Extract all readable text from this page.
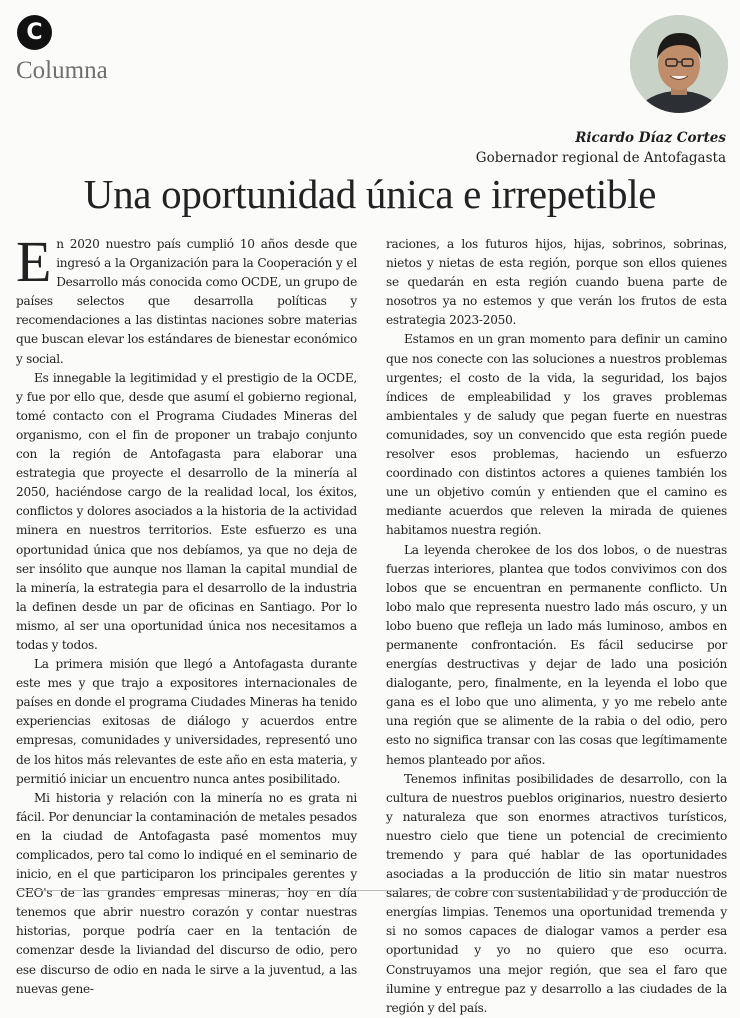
C
Columna
Ricardo Díaz Cortes
Gobernador regional de Antofagasta
Una oportunidad única e irrepetible

En 2020 nuestro país cumplió 10 años desde que ingresó a la Organización para la Cooperación y el Desarrollo más conocida como OCDE, un grupo de países selectos que desarrolla políticas y recomendaciones a las distintas naciones sobre materias que buscan elevar los estándares de bienestar económico y social.

Es innegable la legitimidad y el prestigio de la OCDE, y fue por ello que, desde que asumí el gobierno regional, tomé contacto con el Programa Ciudades Mineras del organismo, con el fin de proponer un trabajo conjunto con la región de Antofagasta para elaborar una estrategia que proyecte el desarrollo de la minería al 2050, haciéndose cargo de la realidad local, los éxitos, conflictos y dolores asociados a la historia de la actividad minera en nuestros territorios. Este esfuerzo es una oportunidad única que nos debíamos, ya que no deja de ser insólito que aunque nos llaman la capital mundial de la minería, la estrategia para el desarrollo de la industria la definen desde un par de oficinas en Santiago. Por lo mismo, al ser una oportunidad única nos necesitamos a todas y todos.

La primera misión que llegó a Antofagasta durante este mes y que trajo a expositores internacionales de países en donde el programa Ciudades Mineras ha tenido experiencias exitosas de diálogo y acuerdos entre empresas, comunidades y universidades, representó uno de los hitos más relevantes de este año en esta materia, y permitió iniciar un encuentro nunca antes posibilitado.

Mi historia y relación con la minería no es grata ni fácil. Por denunciar la contaminación de metales pesados en la ciudad de Antofagasta pasé momentos muy complicados, pero tal como lo indiqué en el seminario de inicio, en el que participaron los principales gerentes y CEO's de las grandes empresas mineras, hoy en día tenemos que abrir nuestro corazón y contar nuestras historias, porque podría caer en la tentación de comenzar desde la liviandad del discurso de odio, pero ese discurso de odio en nada le sirve a la juventud, a las nuevas gene-

raciones, a los futuros hijos, hijas, sobrinos, sobrinas, nietos y nietas de esta región, porque son ellos quienes se quedarán en esta región cuando buena parte de nosotros ya no estemos y que verán los frutos de esta estrategia 2023-2050.

Estamos en un gran momento para definir un camino que nos conecte con las soluciones a nuestros problemas urgentes; el costo de la vida, la seguridad, los bajos índices de empleabilidad y los graves problemas ambientales y de saludy que pegan fuerte en nuestras comunidades, soy un convencido que esta región puede resolver esos problemas, haciendo un esfuerzo coordinado con distintos actores a quienes también los une un objetivo común y entienden que el camino es mediante acuerdos que releven la mirada de quienes habitamos nuestra región.

La leyenda cherokee de los dos lobos, o de nuestras fuerzas interiores, plantea que todos convivimos con dos lobos que se encuentran en permanente conflicto. Un lobo malo que representa nuestro lado más oscuro, y un lobo bueno que refleja un lado más luminoso, ambos en permanente confrontación. Es fácil seducirse por energías destructivas y dejar de lado una posición dialogante, pero, finalmente, en la leyenda el lobo que gana es el lobo que uno alimenta, y yo me rebelo ante una región que se alimente de la rabia o del odio, pero esto no significa transar con las cosas que legítimamente hemos planteado por años.

Tenemos infinitas posibilidades de desarrollo, con la cultura de nuestros pueblos originarios, nuestro desierto y naturaleza que son enormes atractivos turísticos, nuestro cielo que tiene un potencial de crecimiento tremendo y para qué hablar de las oportunidades asociadas a la producción de litio sin matar nuestros salares, de cobre con sustentabilidad y de producción de energías limpias. Tenemos una oportunidad tremenda y si no somos capaces de dialogar vamos a perder esa oportunidad y yo no quiero que eso ocurra. Construyamos una mejor región, que sea el faro que ilumine y entregue paz y desarrollo a las ciudades de la región y del país.
